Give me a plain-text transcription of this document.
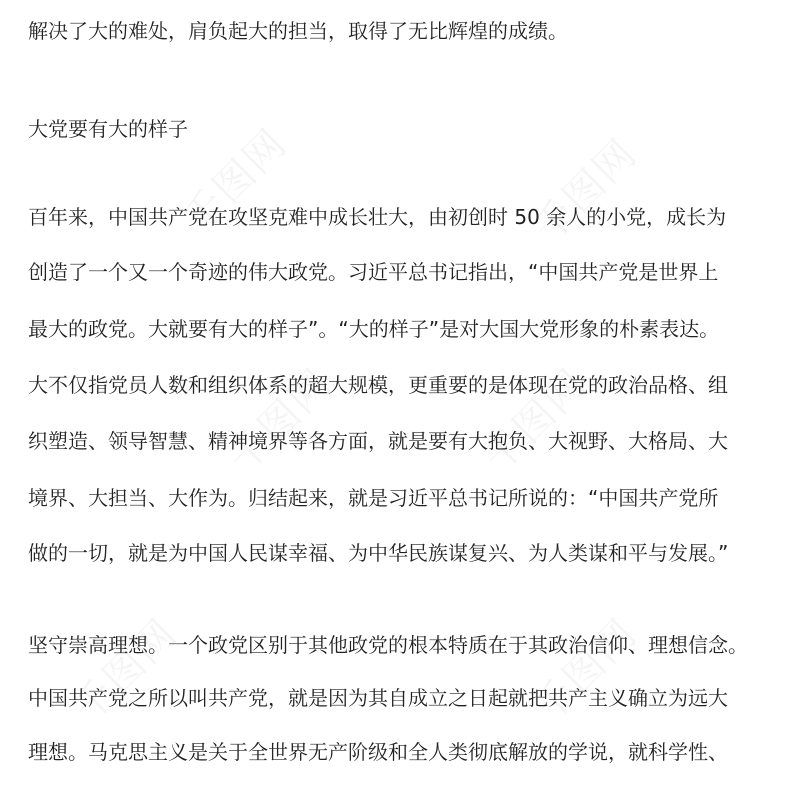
解决了大的难处，肩负起大的担当，取得了无比辉煌的成绩。
大党要有大的样子
百年来，中国共产党在攻坚克难中成长壮大，由初创时 50 余人的小党，成长为
创造了一个又一个奇迹的伟大政党。习近平总书记指出，“中国共产党是世界上
最大的政党。大就要有大的样子”。“大的样子”是对大国大党形象的朴素表达。
大不仅指党员人数和组织体系的超大规模，更重要的是体现在党的政治品格、组
织塑造、领导智慧、精神境界等各方面，就是要有大抱负、大视野、大格局、大
境界、大担当、大作为。归结起来，就是习近平总书记所说的：“中国共产党所
做的一切，就是为中国人民谋幸福、为中华民族谋复兴、为人类谋和平与发展。”
坚守崇高理想。一个政党区别于其他政党的根本特质在于其政治信仰、理想信念。
中国共产党之所以叫共产党，就是因为其自成立之日起就把共产主义确立为远大
理想。马克思主义是关于全世界无产阶级和全人类彻底解放的学说，就科学性、
